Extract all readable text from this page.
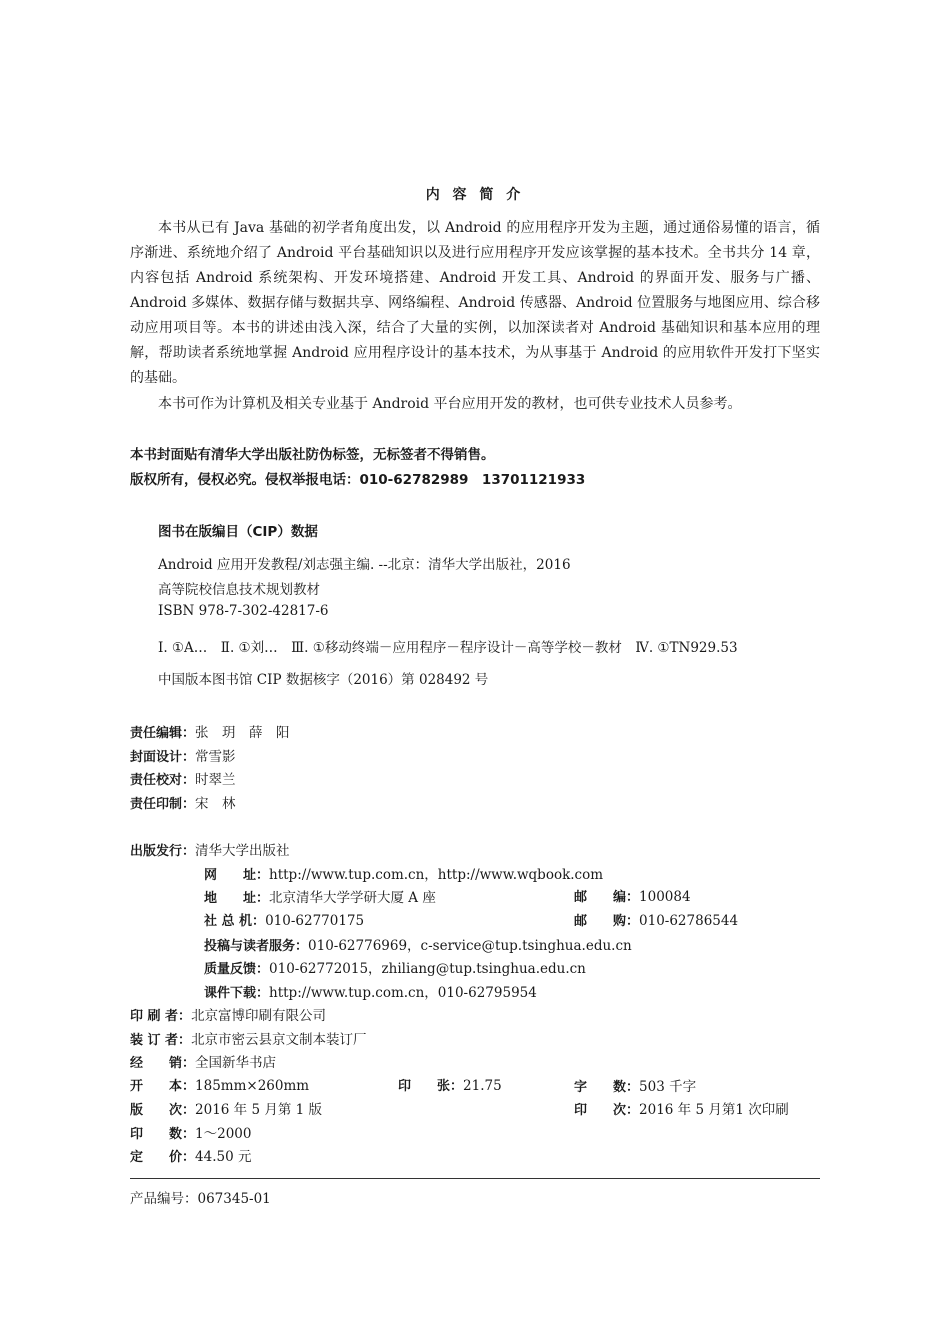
内 容 简 介

本书从已有 Java 基础的初学者角度出发，以 Android 的应用程序开发为主题，通过通俗易懂的语言，循序渐进、系统地介绍了 Android 平台基础知识以及进行应用程序开发应该掌握的基本技术。全书共分 14 章，内容包括 Android 系统架构、开发环境搭建、Android 开发工具、Android 的界面开发、服务与广播、Android 多媒体、数据存储与数据共享、网络编程、Android 传感器、Android 位置服务与地图应用、综合移动应用项目等。本书的讲述由浅入深，结合了大量的实例，以加深读者对 Android 基础知识和基本应用的理解，帮助读者系统地掌握 Android 应用程序设计的基本技术，为从事基于 Android 的应用软件开发打下坚实的基础。

本书可作为计算机及相关专业基于 Android 平台应用开发的教材，也可供专业技术人员参考。

本书封面贴有清华大学出版社防伪标签，无标签者不得销售。
版权所有，侵权必究。侵权举报电话：010-62782989　13701121933
图书在版编目（CIP）数据
Android 应用开发教程/刘志强主编. --北京：清华大学出版社，2016
高等院校信息技术规划教材
ISBN 978-7-302-42817-6
Ⅰ. ①A…　Ⅱ. ①刘…　Ⅲ. ①移动终端－应用程序－程序设计－高等学校－教材　Ⅳ. ①TN929.53
中国版本图书馆 CIP 数据核字（2016）第 028492 号
责任编辑：张　玥　薛　阳
封面设计：常雪影
责任校对：时翠兰
责任印制：宋　林
出版发行：清华大学出版社
网　　址：http://www.tup.com.cn，http://www.wqbook.com
地　　址：北京清华大学学研大厦 A 座	邮　　编：100084
社 总 机：010-62770175	邮　　购：010-62786544
投稿与读者服务：010-62776969，c-service@tup.tsinghua.edu.cn
质量反馈：010-62772015，zhiliang@tup.tsinghua.edu.cn
课件下载：http://www.tup.com.cn，010-62795954
印 刷 者：北京富博印刷有限公司
装 订 者：北京市密云县京文制本装订厂
经　　销：全国新华书店
开　　本：185mm×260mm	印　　张：21.75	字　　数：503 千字
版　　次：2016 年 5 月第 1 版	印　　次：2016 年 5 月第1 次印刷
印　　数：1～2000
定　　价：44.50 元
产品编号：067345-01
